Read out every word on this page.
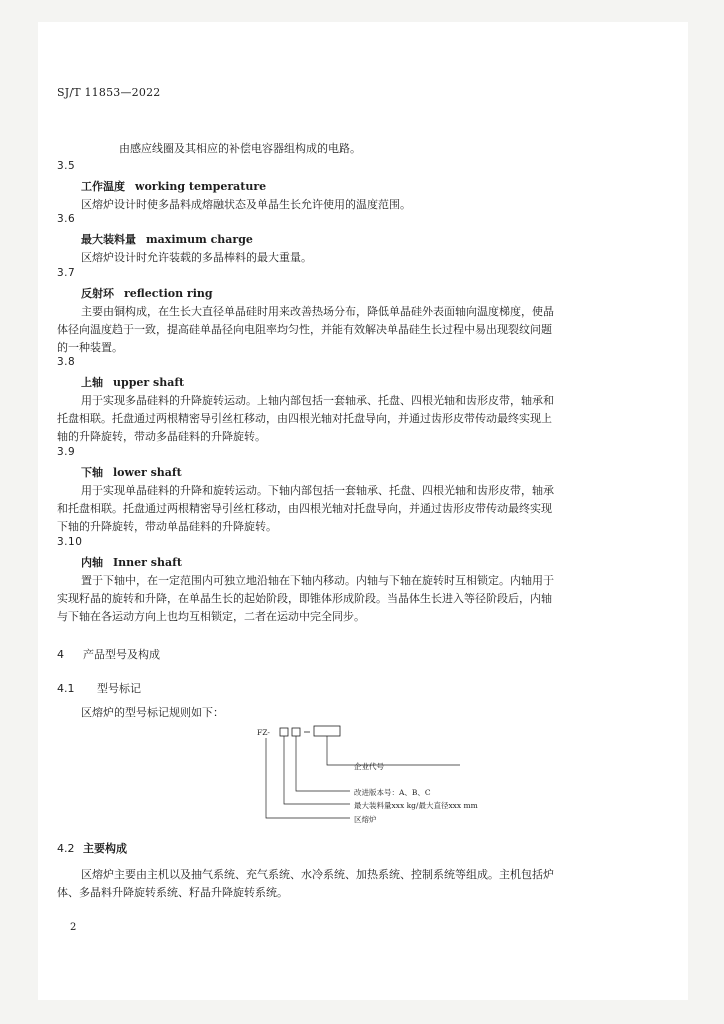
SJ/T 11853—2022
由感应线圈及其相应的补偿电容器组构成的电路。
3.5
工作温度 working temperature
区熔炉设计时使多晶料成熔融状态及单晶生长允许使用的温度范围。
3.6
最大装料量 maximum charge
区熔炉设计时允许装载的多晶棒料的最大重量。
3.7
反射环 reflection ring
主要由铜构成，在生长大直径单晶硅时用来改善热场分布，降低单晶硅外表面轴向温度梯度，使晶
体径向温度趋于一致，提高硅单晶径向电阻率均匀性，并能有效解决单晶硅生长过程中易出现裂纹问题
的一种装置。
3.8
上轴 upper shaft
用于实现多晶硅料的升降旋转运动。上轴内部包括一套轴承、托盘、四根光轴和齿形皮带，轴承和
托盘相联。托盘通过两根精密导引丝杠移动，由四根光轴对托盘导向，并通过齿形皮带传动最终实现上
轴的升降旋转，带动多晶硅料的升降旋转。
3.9
下轴 lower shaft
用于实现单晶硅料的升降和旋转运动。下轴内部包括一套轴承、托盘、四根光轴和齿形皮带，轴承
和托盘相联。托盘通过两根精密导引丝杠移动，由四根光轴对托盘导向，并通过齿形皮带传动最终实现
下轴的升降旋转，带动单晶硅料的升降旋转。
3.10
内轴 Inner shaft
置于下轴中，在一定范围内可独立地沿轴在下轴内移动。内轴与下轴在旋转时互相锁定。内轴用于
实现籽晶的旋转和升降，在单晶生长的起始阶段，即锥体形成阶段。当晶体生长进入等径阶段后，内轴
与下轴在各运动方向上也均互相锁定，二者在运动中完全同步。
4 产品型号及构成
4.1 型号标记
区熔炉的型号标记规则如下：
FZ-
企业代号
改进版本号：A、B、C
最大装料量xxx kg/最大直径xxx mm
区熔炉
4.2 主要构成
区熔炉主要由主机以及抽气系统、充气系统、水冷系统、加热系统、控制系统等组成。主机包括炉
体、多晶料升降旋转系统、籽晶升降旋转系统。
2
